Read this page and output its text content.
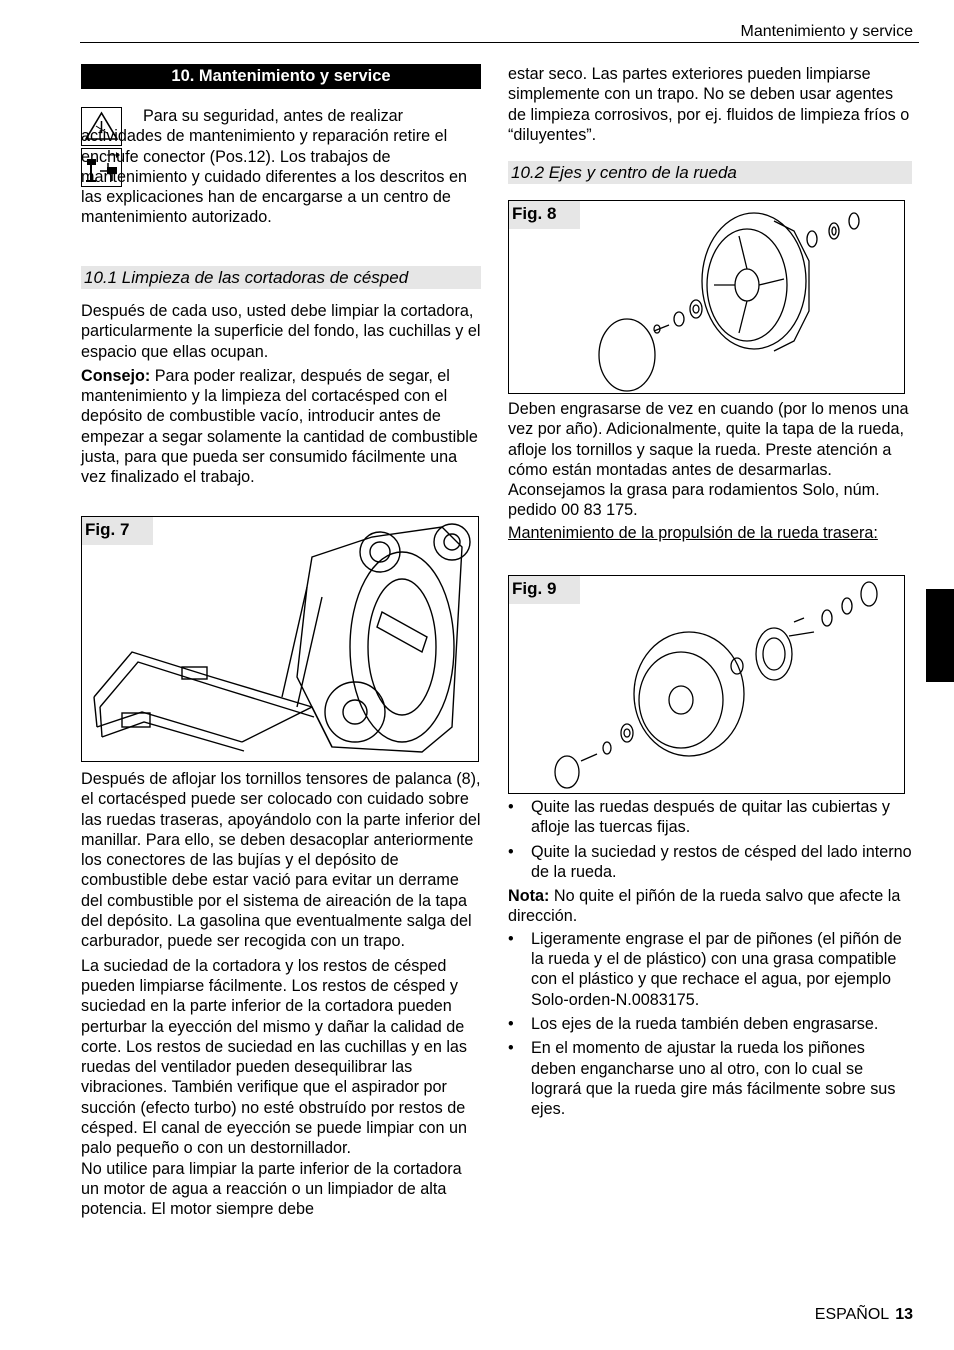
Mantenimiento y service
10. Mantenimiento y service

Para su seguridad, antes de realizar actividades de mantenimiento y reparación retire el enchufe conector (Pos.12). Los trabajos de mantenimiento y cuidado diferentes a los descritos en las explicaciones han de encargarse a un centro de mantenimiento autorizado.

10.1 Limpieza de las cortadoras de césped

Después de cada uso, usted debe limpiar la cortadora, particularmente la superficie del fondo, las cuchillas y el espacio que ellas ocupan.

Consejo: Para poder realizar, después de segar, el mantenimiento y la limpieza del cortacésped con el depósito de combustible vacío, introducir antes de empezar a segar solamente la cantidad de combustible justa, para que pueda ser consumido fácilmente una vez finalizado el trabajo.

Fig. 7

Después de aflojar los tornillos tensores de palanca (8), el cortacésped puede ser colocado con cuidado sobre las ruedas traseras, apoyándolo con la parte inferior del manillar. Para ello, se deben desacoplar anteriormente los conectores de las bujías y el depósito de combustible debe estar vació para evitar un derrame del combustible por el sistema de aireación de la tapa del depósito. La gasolina que eventualmente salga del carburador, puede ser recogida con un trapo.

La suciedad de la cortadora y los restos de césped pueden limpiarse fácilmente. Los restos de césped y suciedad en la parte inferior de la cortadora pueden perturbar la eyección del mismo y dañar la calidad de corte. Los restos de suciedad en las cuchillas y en las ruedas del ventilador pueden desequilibrar las vibraciones. También verifique que el aspirador por succión (efecto turbo) no esté obstruído por restos de césped. El canal de eyección se puede limpiar con un palo pequeño o con un destornillador.

No utilice para limpiar la parte inferior de la cortadora un motor de agua a reacción o un limpiador de alta potencia. El motor siempre debe

estar seco. Las partes exteriores pueden limpiarse simplemente con un trapo. No se deben usar agentes de limpieza corrosivos, por ej. fluidos de limpieza fríos o “diluyentes”.

10.2 Ejes y centro de la rueda
Fig. 8

Deben engrasarse de vez en cuando (por lo menos una vez por año). Adicionalmente, quite la tapa de la rueda, afloje los tornillos y saque la rueda. Preste atención a cómo están montadas antes de desarmarlas. Aconsejamos la grasa para rodamientos Solo, núm. pedido 00 83 175.

Mantenimiento de la propulsión de la rueda trasera:

Fig. 9
• Quite las ruedas después de quitar las cubiertas y afloje las tuercas fijas.
• Quite la suciedad y restos de césped del lado interno de la rueda.

Nota: No quite el piñón de la rueda salvo que afecte la dirección.

• Ligeramente engrase el par de piñones (el piñón de la rueda y el de plástico) con una grasa compatible con el plástico y que rechace el agua, por ejemplo Solo-orden-N.0083175.
• Los ejes de la rueda también deben engrasarse.
• En el momento de ajustar la rueda los piñones deben engancharse uno al otro, con lo cual se logrará que la rueda gire más fácilmente sobre sus ejes.
ESPAÑOL 13
